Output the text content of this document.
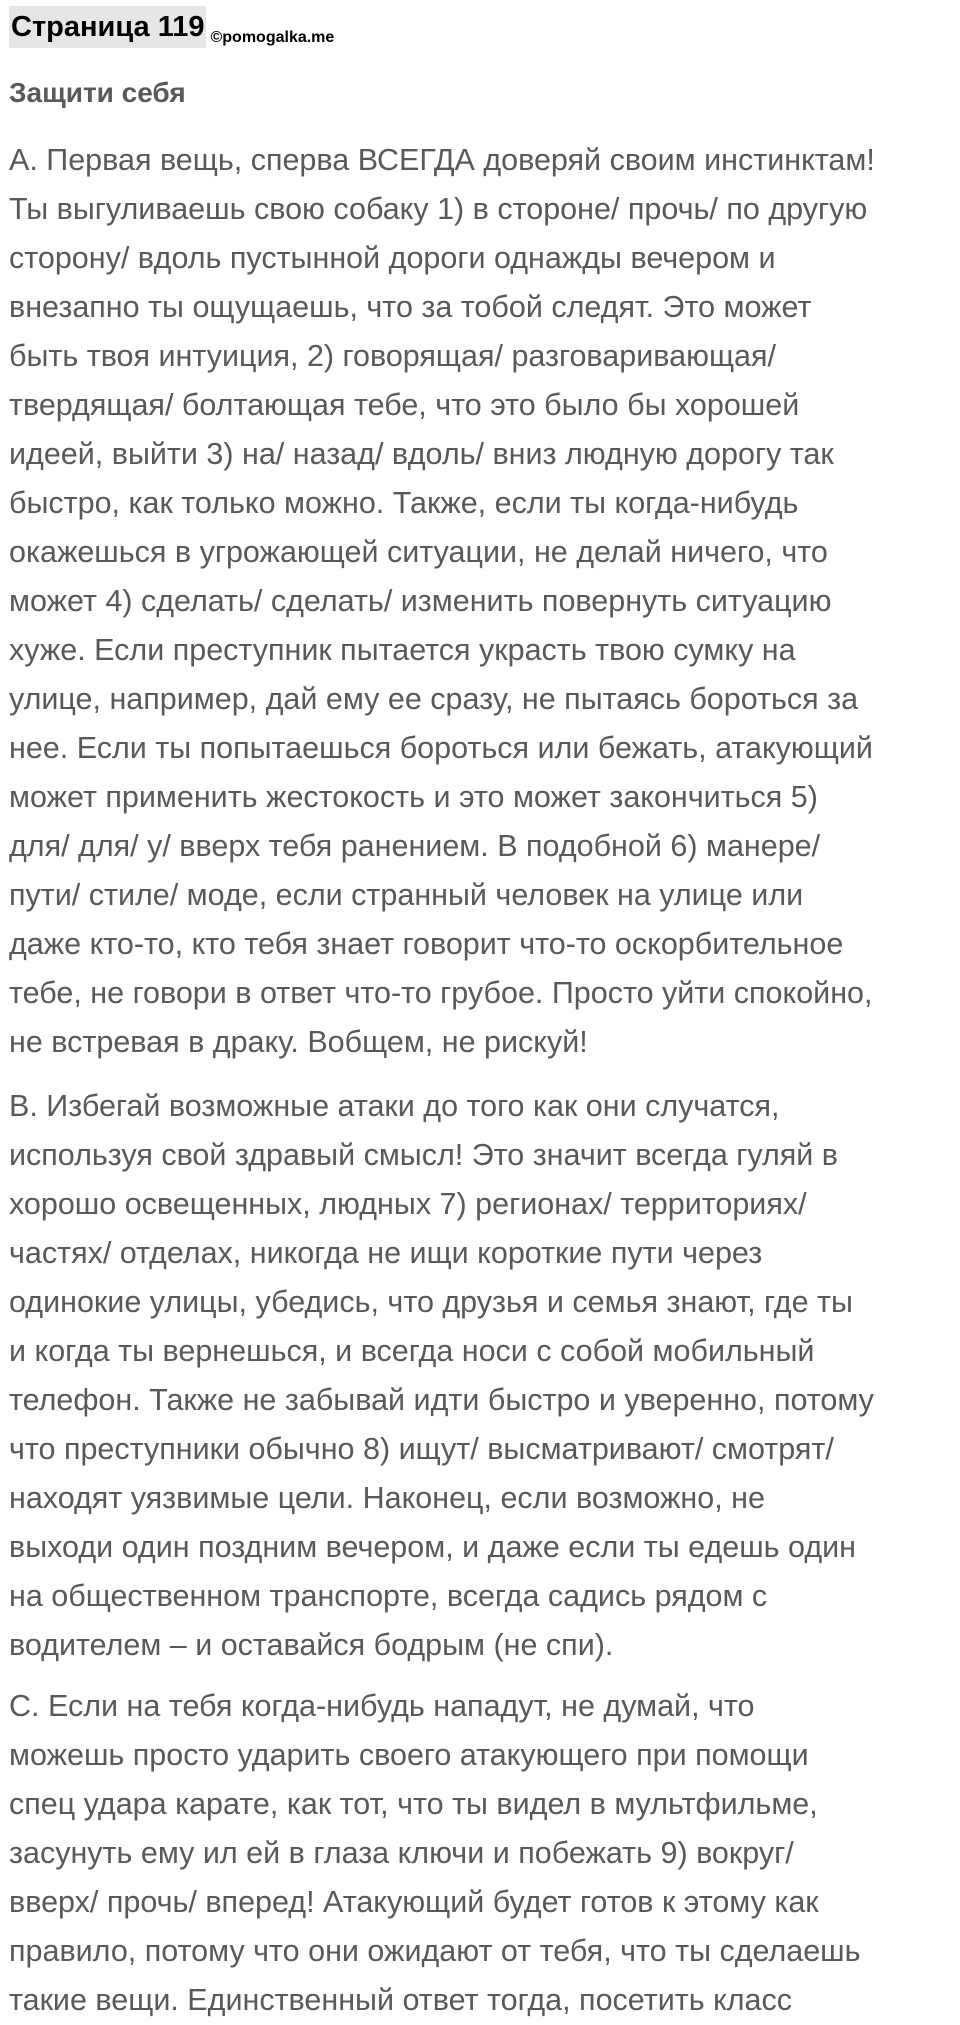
Страница 119 ©pomogalka.me
Защити себя
A. Первая вещь, сперва ВСЕГДА доверяй своим инстинктам!
Ты выгуливаешь свою собаку 1) в стороне/ прочь/ по другую
сторону/ вдоль пустынной дороги однажды вечером и
внезапно ты ощущаешь, что за тобой следят. Это может
быть твоя интуиция, 2) говорящая/ разговаривающая/
твердящая/ болтающая тебе, что это было бы хорошей
идеей, выйти 3) на/ назад/ вдоль/ вниз людную дорогу так
быстро, как только можно. Также, если ты когда-нибудь
окажешься в угрожающей ситуации, не делай ничего, что
может 4) сделать/ сделать/ изменить повернуть ситуацию
хуже. Если преступник пытается украсть твою сумку на
улице, например, дай ему ее сразу, не пытаясь бороться за
нее. Если ты попытаешься бороться или бежать, атакующий
может применить жестокость и это может закончиться 5)
для/ для/ у/ вверх тебя ранением. В подобной 6) манере/
пути/ стиле/ моде, если странный человек на улице или
даже кто-то, кто тебя знает говорит что-то оскорбительное
тебе, не говори в ответ что-то грубое. Просто уйти спокойно,
не встревая в драку. Вобщем, не рискуй!
B. Избегай возможные атаки до того как они случатся,
используя свой здравый смысл! Это значит всегда гуляй в
хорошо освещенных, людных 7) регионах/ территориях/
частях/ отделах, никогда не ищи короткие пути через
одинокие улицы, убедись, что друзья и семья знают, где ты
и когда ты вернешься, и всегда носи с собой мобильный
телефон. Также не забывай идти быстро и уверенно, потому
что преступники обычно 8) ищут/ высматривают/ смотрят/
находят уязвимые цели. Наконец, если возможно, не
выходи один поздним вечером, и даже если ты едешь один
на общественном транспорте, всегда садись рядом с
водителем – и оставайся бодрым (не спи).
C. Если на тебя когда-нибудь нападут, не думай, что
можешь просто ударить своего атакующего при помощи
спец удара карате, как тот, что ты видел в мультфильме,
засунуть ему ил ей в глаза ключи и побежать 9) вокруг/
вверх/ прочь/ вперед! Атакующий будет готов к этому как
правило, потому что они ожидают от тебя, что ты сделаешь
такие вещи. Единственный ответ тогда, посетить класс
